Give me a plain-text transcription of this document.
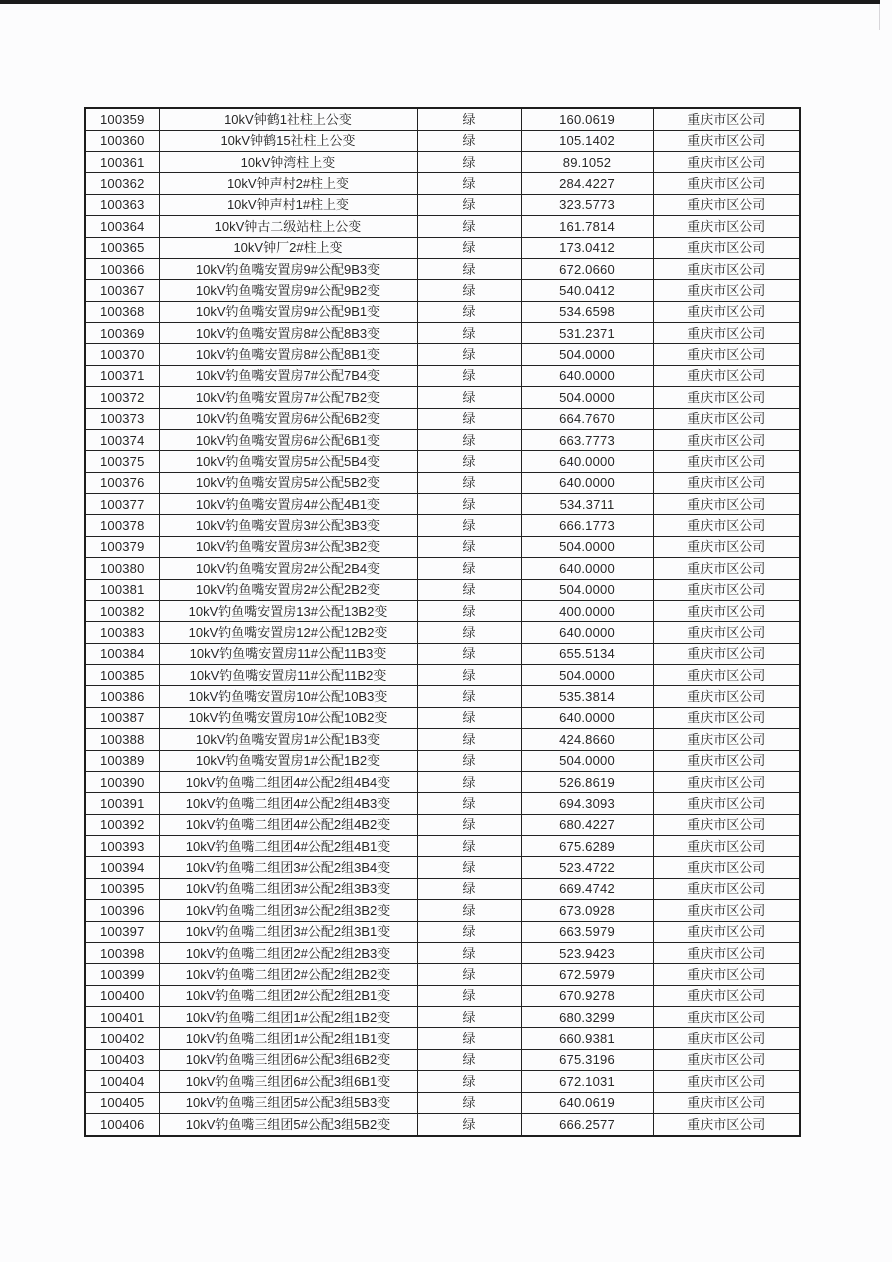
100359	10kV钟鹤1社柱上公变	绿	160.0619	重庆市区公司
100360	10kV钟鹤15社柱上公变	绿	105.1402	重庆市区公司
100361	10kV钟湾柱上变	绿	89.1052	重庆市区公司
100362	10kV钟声村2#柱上变	绿	284.4227	重庆市区公司
100363	10kV钟声村1#柱上变	绿	323.5773	重庆市区公司
100364	10kV钟古二级站柱上公变	绿	161.7814	重庆市区公司
100365	10kV钟厂2#柱上变	绿	173.0412	重庆市区公司
100366	10kV钓鱼嘴安置房9#公配9B3变	绿	672.0660	重庆市区公司
100367	10kV钓鱼嘴安置房9#公配9B2变	绿	540.0412	重庆市区公司
100368	10kV钓鱼嘴安置房9#公配9B1变	绿	534.6598	重庆市区公司
100369	10kV钓鱼嘴安置房8#公配8B3变	绿	531.2371	重庆市区公司
100370	10kV钓鱼嘴安置房8#公配8B1变	绿	504.0000	重庆市区公司
100371	10kV钓鱼嘴安置房7#公配7B4变	绿	640.0000	重庆市区公司
100372	10kV钓鱼嘴安置房7#公配7B2变	绿	504.0000	重庆市区公司
100373	10kV钓鱼嘴安置房6#公配6B2变	绿	664.7670	重庆市区公司
100374	10kV钓鱼嘴安置房6#公配6B1变	绿	663.7773	重庆市区公司
100375	10kV钓鱼嘴安置房5#公配5B4变	绿	640.0000	重庆市区公司
100376	10kV钓鱼嘴安置房5#公配5B2变	绿	640.0000	重庆市区公司
100377	10kV钓鱼嘴安置房4#公配4B1变	绿	534.3711	重庆市区公司
100378	10kV钓鱼嘴安置房3#公配3B3变	绿	666.1773	重庆市区公司
100379	10kV钓鱼嘴安置房3#公配3B2变	绿	504.0000	重庆市区公司
100380	10kV钓鱼嘴安置房2#公配2B4变	绿	640.0000	重庆市区公司
100381	10kV钓鱼嘴安置房2#公配2B2变	绿	504.0000	重庆市区公司
100382	10kV钓鱼嘴安置房13#公配13B2变	绿	400.0000	重庆市区公司
100383	10kV钓鱼嘴安置房12#公配12B2变	绿	640.0000	重庆市区公司
100384	10kV钓鱼嘴安置房11#公配11B3变	绿	655.5134	重庆市区公司
100385	10kV钓鱼嘴安置房11#公配11B2变	绿	504.0000	重庆市区公司
100386	10kV钓鱼嘴安置房10#公配10B3变	绿	535.3814	重庆市区公司
100387	10kV钓鱼嘴安置房10#公配10B2变	绿	640.0000	重庆市区公司
100388	10kV钓鱼嘴安置房1#公配1B3变	绿	424.8660	重庆市区公司
100389	10kV钓鱼嘴安置房1#公配1B2变	绿	504.0000	重庆市区公司
100390	10kV钓鱼嘴二组团4#公配2组4B4变	绿	526.8619	重庆市区公司
100391	10kV钓鱼嘴二组团4#公配2组4B3变	绿	694.3093	重庆市区公司
100392	10kV钓鱼嘴二组团4#公配2组4B2变	绿	680.4227	重庆市区公司
100393	10kV钓鱼嘴二组团4#公配2组4B1变	绿	675.6289	重庆市区公司
100394	10kV钓鱼嘴二组团3#公配2组3B4变	绿	523.4722	重庆市区公司
100395	10kV钓鱼嘴二组团3#公配2组3B3变	绿	669.4742	重庆市区公司
100396	10kV钓鱼嘴二组团3#公配2组3B2变	绿	673.0928	重庆市区公司
100397	10kV钓鱼嘴二组团3#公配2组3B1变	绿	663.5979	重庆市区公司
100398	10kV钓鱼嘴二组团2#公配2组2B3变	绿	523.9423	重庆市区公司
100399	10kV钓鱼嘴二组团2#公配2组2B2变	绿	672.5979	重庆市区公司
100400	10kV钓鱼嘴二组团2#公配2组2B1变	绿	670.9278	重庆市区公司
100401	10kV钓鱼嘴二组团1#公配2组1B2变	绿	680.3299	重庆市区公司
100402	10kV钓鱼嘴二组团1#公配2组1B1变	绿	660.9381	重庆市区公司
100403	10kV钓鱼嘴三组团6#公配3组6B2变	绿	675.3196	重庆市区公司
100404	10kV钓鱼嘴三组团6#公配3组6B1变	绿	672.1031	重庆市区公司
100405	10kV钓鱼嘴三组团5#公配3组5B3变	绿	640.0619	重庆市区公司
100406	10kV钓鱼嘴三组团5#公配3组5B2变	绿	666.2577	重庆市区公司
